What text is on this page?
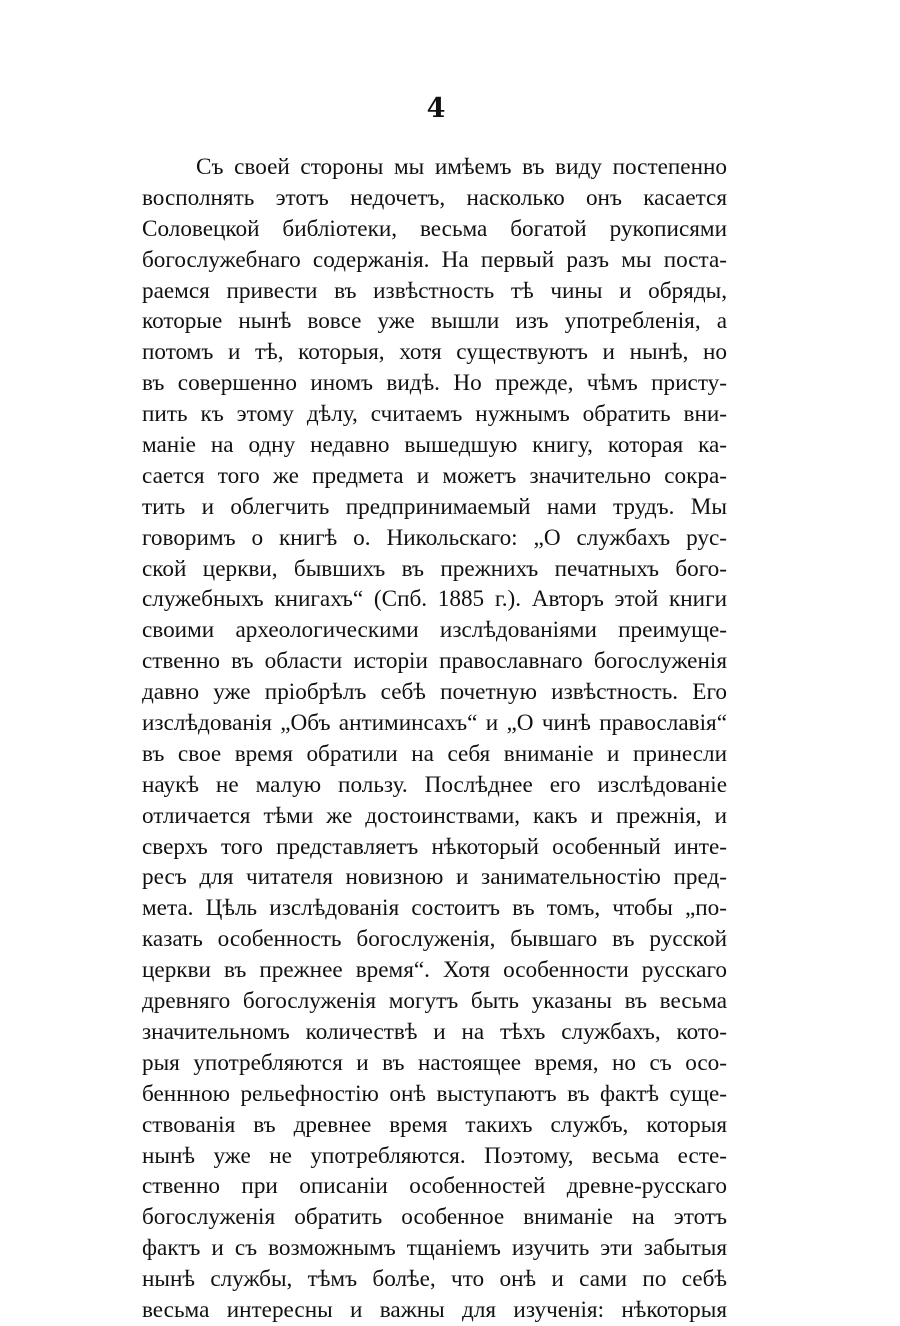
4
Съ своей стороны мы имѣемъ въ виду постепенно
восполнять этотъ недочетъ, насколько онъ касается
Соловецкой библіотеки, весьма богатой рукописями
богослужебнаго содержанія. На первый разъ мы поста-
раемся привести въ извѣстность тѣ чины и обряды,
которые нынѣ вовсе уже вышли изъ употребленія, а
потомъ и тѣ, которыя, хотя существуютъ и нынѣ, но
въ совершенно иномъ видѣ. Но прежде, чѣмъ присту-
пить къ этому дѣлу, считаемъ нужнымъ обратить вни-
маніе на одну недавно вышедшую книгу, которая ка-
сается того же предмета и можетъ значительно сокра-
тить и облегчить предпринимаемый нами трудъ. Мы
говоримъ о книгѣ о. Никольскаго: „О службахъ рус-
ской церкви, бывшихъ въ прежнихъ печатныхъ бого-
служебныхъ книгахъ“ (Спб. 1885 г.). Авторъ этой книги
своими археологическими изслѣдованіями преимуще-
ственно въ области исторіи православнаго богослуженія
давно уже пріобрѣлъ себѣ почетную извѣстность. Его
изслѣдованія „Объ антиминсахъ“ и „О чинѣ православія“
въ свое время обратили на себя вниманіе и принесли
наукѣ не малую пользу. Послѣднее его изслѣдованіе
отличается тѣми же достоинствами, какъ и прежнія, и
сверхъ того представляетъ нѣкоторый особенный инте-
ресъ для читателя новизною и занимательностію пред-
мета. Цѣль изслѣдованія состоитъ въ томъ, чтобы „по-
казать особенность богослуженія, бывшаго въ русской
церкви въ прежнее время“. Хотя особенности русскаго
древняго богослуженія могутъ быть указаны въ весьма
значительномъ количествѣ и на тѣхъ службахъ, кото-
рыя употребляются и въ настоящее время, но съ осо-
беннною рельефностію онѣ выступаютъ въ фактѣ суще-
ствованія въ древнее время такихъ службъ, которыя
нынѣ уже не употребляются. Поэтому, весьма есте-
ственно при описаніи особенностей древне-русскаго
богослуженія обратить особенное вниманіе на этотъ
фактъ и съ возможнымъ тщаніемъ изучить эти забытыя
нынѣ службы, тѣмъ болѣе, что онѣ и сами по себѣ
весьма интересны и важны для изученія: нѣкоторыя
